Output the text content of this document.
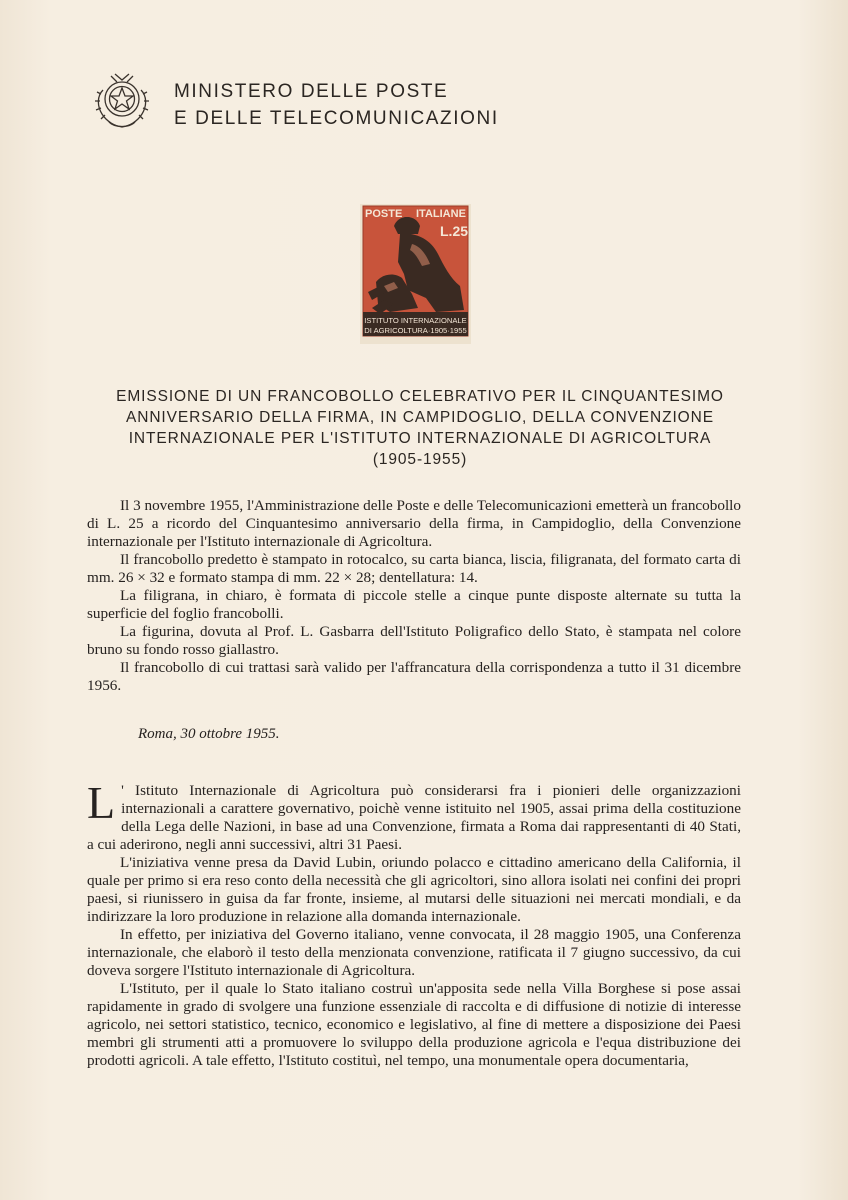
MINISTERO DELLE POSTE
E DELLE TELECOMUNICAZIONI
POSTE ITALIANE
L.25
ISTITUTO INTERNAZIONALE
DI AGRICOLTURA·1905·1955
EMISSIONE DI UN FRANCOBOLLO CELEBRATIVO PER IL CINQUANTESIMO
ANNIVERSARIO DELLA FIRMA, IN CAMPIDOGLIO, DELLA CONVENZIONE
INTERNAZIONALE PER L'ISTITUTO INTERNAZIONALE DI AGRICOLTURA
(1905-1955)

Il 3 novembre 1955, l'Amministrazione delle Poste e delle Telecomunicazioni emetterà un francobollo di L. 25 a ricordo del Cinquantesimo anniversario della firma, in Campidoglio, della Convenzione internazionale per l'Istituto internazionale di Agricoltura.

Il francobollo predetto è stampato in rotocalco, su carta bianca, liscia, filigranata, del formato carta di mm. 26 × 32 e formato stampa di mm. 22 × 28; dentellatura: 14.

La filigrana, in chiaro, è formata di piccole stelle a cinque punte disposte alternate su tutta la superficie del foglio francobolli.

La figurina, dovuta al Prof. L. Gasbarra dell'Istituto Poligrafico dello Stato, è stampata nel colore bruno su fondo rosso giallastro.

Il francobollo di cui trattasi sarà valido per l'affrancatura della corrispondenza a tutto il 31 dicembre 1956.

Roma, 30 ottobre 1955.

L ' Istituto Internazionale di Agricoltura può considerarsi fra i pionieri delle organizzazioni internazionali a carattere governativo, poichè venne istituito nel 1905, assai prima della costituzione della Lega delle Nazioni, in base ad una Convenzione, firmata a Roma dai rappresentanti di 40 Stati, a cui aderirono, negli anni successivi, altri 31 Paesi.

L'iniziativa venne presa da David Lubin, oriundo polacco e cittadino americano della California, il quale per primo si era reso conto della necessità che gli agricoltori, sino allora isolati nei confini dei propri paesi, si riunissero in guisa da far fronte, insieme, al mutarsi delle situazioni nei mercati mondiali, e da indirizzare la loro produzione in relazione alla domanda internazionale.

In effetto, per iniziativa del Governo italiano, venne convocata, il 28 maggio 1905, una Conferenza internazionale, che elaborò il testo della menzionata convenzione, ratificata il 7 giugno successivo, da cui doveva sorgere l'Istituto internazionale di Agricoltura.

L'Istituto, per il quale lo Stato italiano costruì un'apposita sede nella Villa Borghese si pose assai rapidamente in grado di svolgere una funzione essenziale di raccolta e di diffusione di notizie di interesse agricolo, nei settori statistico, tecnico, economico e legislativo, al fine di mettere a disposizione dei Paesi membri gli strumenti atti a promuovere lo sviluppo della produzione agricola e l'equa distribuzione dei prodotti agricoli. A tale effetto, l'Istituto costituì, nel tempo, una monumentale opera documentaria,
